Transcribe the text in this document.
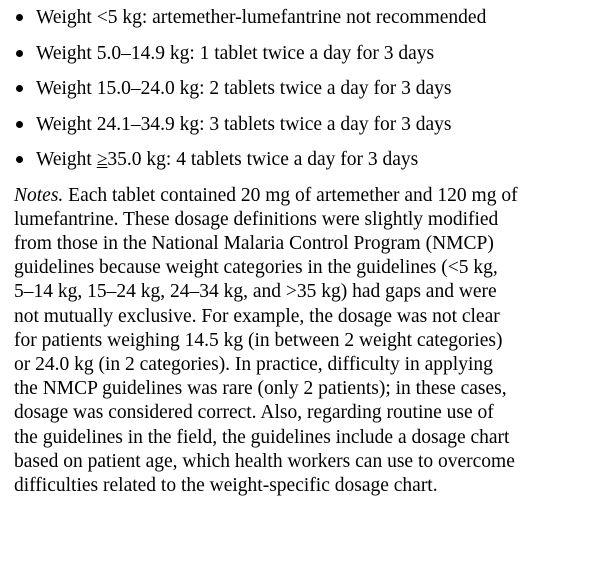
Weight <5 kg: artemether-lumefantrine not recommended
Weight 5.0–14.9 kg: 1 tablet twice a day for 3 days
Weight 15.0–24.0 kg: 2 tablets twice a day for 3 days
Weight 24.1–34.9 kg: 3 tablets twice a day for 3 days
Weight ≥35.0 kg: 4 tablets twice a day for 3 days
Notes. Each tablet contained 20 mg of artemether and 120 mg of
lumefantrine. These dosage definitions were slightly modified
from those in the National Malaria Control Program (NMCP)
guidelines because weight categories in the guidelines (<5 kg,
5–14 kg, 15–24 kg, 24–34 kg, and >35 kg) had gaps and were
not mutually exclusive. For example, the dosage was not clear
for patients weighing 14.5 kg (in between 2 weight categories)
or 24.0 kg (in 2 categories). In practice, difficulty in applying
the NMCP guidelines was rare (only 2 patients); in these cases,
dosage was considered correct. Also, regarding routine use of
the guidelines in the field, the guidelines include a dosage chart
based on patient age, which health workers can use to overcome
difficulties related to the weight-specific dosage chart.
